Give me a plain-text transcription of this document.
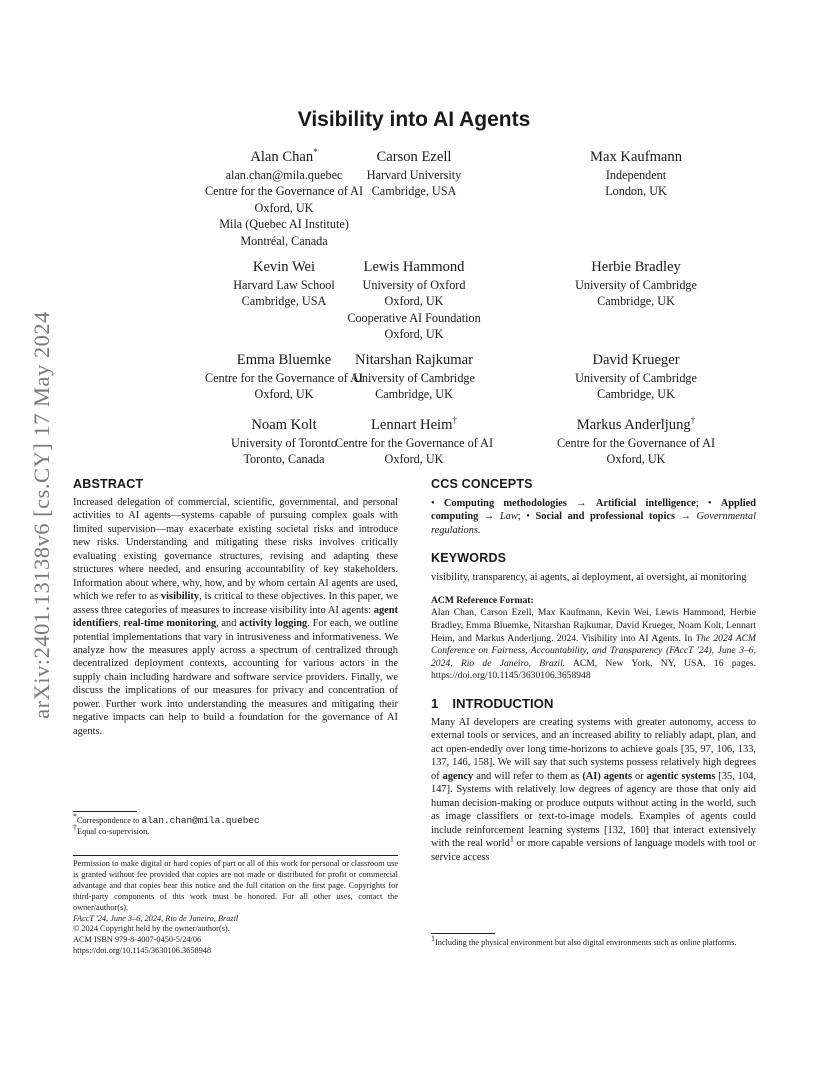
arXiv:2401.13138v6 [cs.CY] 17 May 2024
Visibility into AI Agents
Alan Chan*
alan.chan@mila.quebec
Centre for the Governance of AI
Oxford, UK
Mila (Quebec AI Institute)
Montréal, Canada
Carson Ezell
Harvard University
Cambridge, USA
Max Kaufmann
Independent
London, UK
Kevin Wei
Harvard Law School
Cambridge, USA
Lewis Hammond
University of Oxford
Oxford, UK
Cooperative AI Foundation
Oxford, UK
Herbie Bradley
University of Cambridge
Cambridge, UK
Emma Bluemke
Centre for the Governance of AI
Oxford, UK
Nitarshan Rajkumar
University of Cambridge
Cambridge, UK
David Krueger
University of Cambridge
Cambridge, UK
Noam Kolt
University of Toronto
Toronto, Canada
Lennart Heim†
Centre for the Governance of AI
Oxford, UK
Markus Anderljung†
Centre for the Governance of AI
Oxford, UK
ABSTRACT
Increased delegation of commercial, scientific, governmental, and personal activities to AI agents—systems capable of pursuing complex goals with limited supervision—may exacerbate existing societal risks and introduce new risks. Understanding and mitigating these risks involves critically evaluating existing governance structures, revising and adapting these structures where needed, and ensuring accountability of key stakeholders. Information about where, why, how, and by whom certain AI agents are used, which we refer to as visibility, is critical to these objectives. In this paper, we assess three categories of measures to increase visibility into AI agents: agent identifiers, real-time monitoring, and activity logging. For each, we outline potential implementations that vary in intrusiveness and informativeness. We analyze how the measures apply across a spectrum of centralized through decentralized deployment contexts, accounting for various actors in the supply chain including hardware and software service providers. Finally, we discuss the implications of our measures for privacy and concentration of power. Further work into understanding the measures and mitigating their negative impacts can help to build a foundation for the governance of AI agents.
*Correspondence to alan.chan@mila.quebec
†Equal co-supervision.
Permission to make digital or hard copies of part or all of this work for personal or classroom use is granted without fee provided that copies are not made or distributed for profit or commercial advantage and that copies bear this notice and the full citation on the first page. Copyrights for third-party components of this work must be honored. For all other uses, contact the owner/author(s).
FAccT '24, June 3–6, 2024, Rio de Janeiro, Brazil
© 2024 Copyright held by the owner/author(s).
ACM ISBN 979-8-4007-0450-5/24/06
https://doi.org/10.1145/3630106.3658948
CCS CONCEPTS
• Computing methodologies → Artificial intelligence; • Applied computing → Law; • Social and professional topics → Governmental regulations.
KEYWORDS
visibility, transparency, ai agents, ai deployment, ai oversight, ai monitoring
ACM Reference Format:
Alan Chan, Carson Ezell, Max Kaufmann, Kevin Wei, Lewis Hammond, Herbie Bradley, Emma Bluemke, Nitarshan Rajkumar, David Krueger, Noam Kolt, Lennart Heim, and Markus Anderljung. 2024. Visibility into AI Agents. In The 2024 ACM Conference on Fairness, Accountability, and Transparency (FAccT '24), June 3–6, 2024, Rio de Janeiro, Brazil. ACM, New York, NY, USA, 16 pages. https://doi.org/10.1145/3630106.3658948
1 INTRODUCTION
Many AI developers are creating systems with greater autonomy, access to external tools or services, and an increased ability to reliably adapt, plan, and act open-endedly over long time-horizons to achieve goals [35, 97, 106, 133, 137, 146, 158]. We will say that such systems possess relatively high degrees of agency and will refer to them as (AI) agents or agentic systems [35, 104, 147]. Systems with relatively low degrees of agency are those that only aid human decision-making or produce outputs without acting in the world, such as image classifiers or text-to-image models. Examples of agents could include reinforcement learning systems [132, 160] that interact extensively with the real world$^1$ or more capable versions of language models with tool or service access
$^1$Including the physical environment but also digital environments such as online platforms.
